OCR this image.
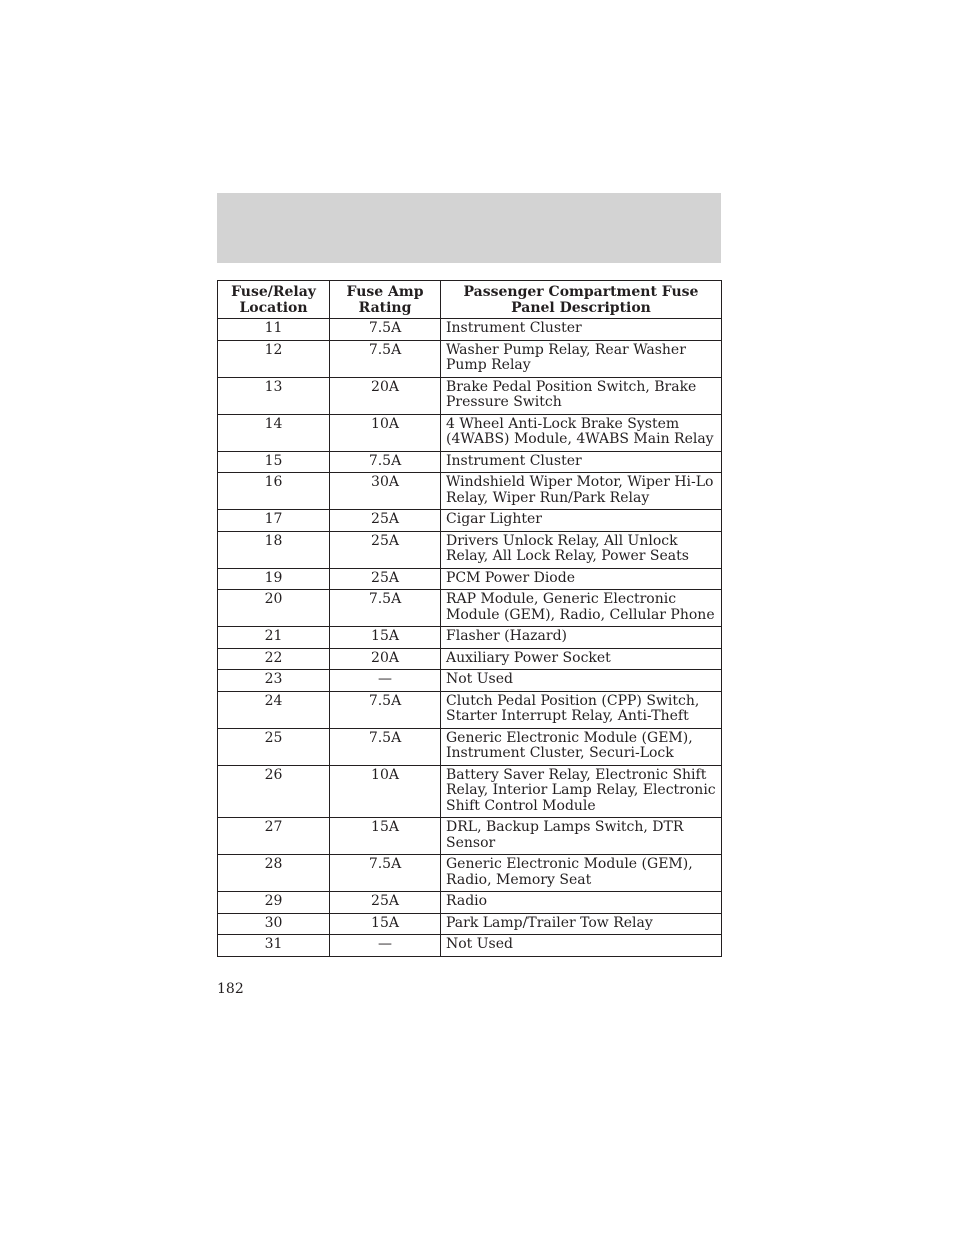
Fuse/Relay Location	Fuse Amp Rating	Passenger Compartment Fuse Panel Description
11	7.5A	Instrument Cluster
12	7.5A	Washer Pump Relay, Rear Washer Pump Relay
13	20A	Brake Pedal Position Switch, Brake Pressure Switch
14	10A	4 Wheel Anti-Lock Brake System (4WABS) Module, 4WABS Main Relay
15	7.5A	Instrument Cluster
16	30A	Windshield Wiper Motor, Wiper Hi-Lo Relay, Wiper Run/Park Relay
17	25A	Cigar Lighter
18	25A	Drivers Unlock Relay, All Unlock Relay, All Lock Relay, Power Seats
19	25A	PCM Power Diode
20	7.5A	RAP Module, Generic Electronic Module (GEM), Radio, Cellular Phone
21	15A	Flasher (Hazard)
22	20A	Auxiliary Power Socket
23	—	Not Used
24	7.5A	Clutch Pedal Position (CPP) Switch, Starter Interrupt Relay, Anti-Theft
25	7.5A	Generic Electronic Module (GEM), Instrument Cluster, Securi-Lock
26	10A	Battery Saver Relay, Electronic Shift Relay, Interior Lamp Relay, Electronic Shift Control Module
27	15A	DRL, Backup Lamps Switch, DTR Sensor
28	7.5A	Generic Electronic Module (GEM), Radio, Memory Seat
29	25A	Radio
30	15A	Park Lamp/Trailer Tow Relay
31	—	Not Used
182
